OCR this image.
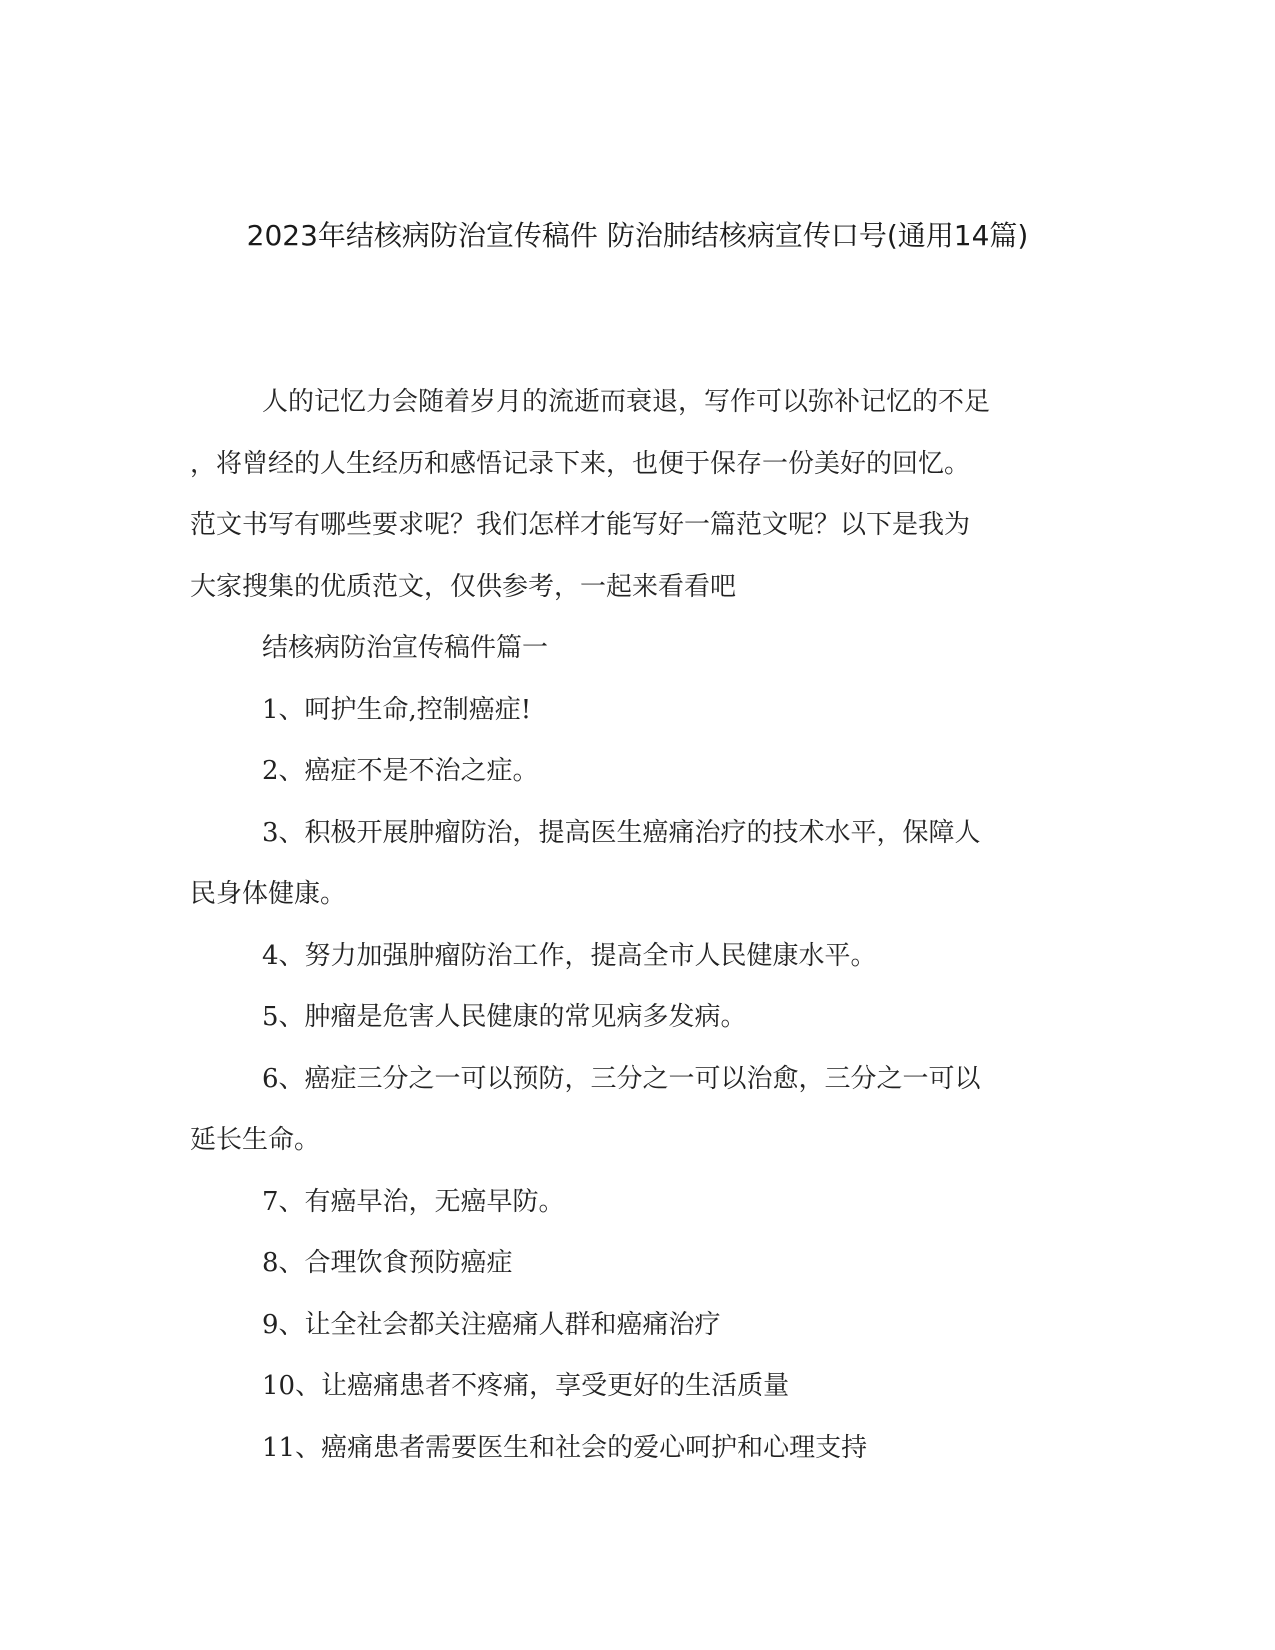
2023年结核病防治宣传稿件 防治肺结核病宣传口号(通用14篇)

人的记忆力会随着岁月的流逝而衰退，写作可以弥补记忆的不足

，将曾经的人生经历和感悟记录下来，也便于保存一份美好的回忆。

范文书写有哪些要求呢？我们怎样才能写好一篇范文呢？以下是我为

大家搜集的优质范文，仅供参考，一起来看看吧

结核病防治宣传稿件篇一

1、呵护生命,控制癌症!

2、癌症不是不治之症。

3、积极开展肿瘤防治，提高医生癌痛治疗的技术水平，保障人

民身体健康。

4、努力加强肿瘤防治工作，提高全市人民健康水平。

5、肿瘤是危害人民健康的常见病多发病。

6、癌症三分之一可以预防，三分之一可以治愈，三分之一可以

延长生命。

7、有癌早治，无癌早防。

8、合理饮食预防癌症

9、让全社会都关注癌痛人群和癌痛治疗

10、让癌痛患者不疼痛，享受更好的生活质量

11、癌痛患者需要医生和社会的爱心呵护和心理支持
